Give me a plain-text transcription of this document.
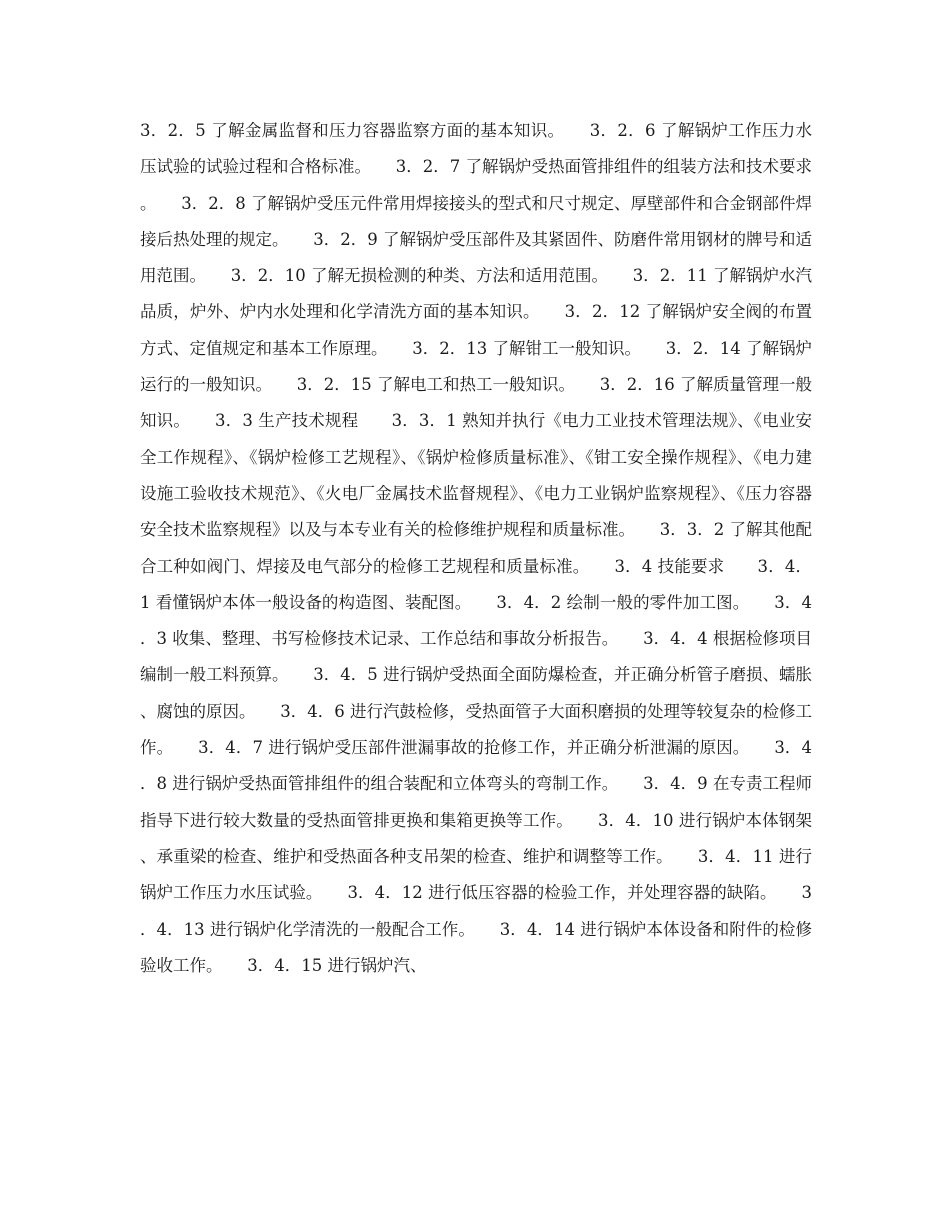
3．2．5 了解金属监督和压力容器监察方面的基本知识。　　3．2．6 了解锅炉工作压力水压试验的试验过程和合格标准。　　3．2．7 了解锅炉受热面管排组件的组装方法和技术要求。　　3．2．8 了解锅炉受压元件常用焊接接头的型式和尺寸规定、厚壁部件和合金钢部件焊接后热处理的规定。　　3．2．9 了解锅炉受压部件及其紧固件、防磨件常用钢材的牌号和适用范围。　　3．2．10 了解无损检测的种类、方法和适用范围。　　3．2．11 了解锅炉水汽品质，炉外、炉内水处理和化学清洗方面的基本知识。　　3．2．12 了解锅炉安全阀的布置方式、定值规定和基本工作原理。　　3．2．13 了解钳工一般知识。　　3．2．14 了解锅炉运行的一般知识。　　3．2．15 了解电工和热工一般知识。　　3．2．16 了解质量管理一般知识。　　3．3 生产技术规程　　3．3．1 熟知并执行《电力工业技术管理法规》、《电业安全工作规程》、《锅炉检修工艺规程》、《锅炉检修质量标准》、《钳工安全操作规程》、《电力建设施工验收技术规范》、《火电厂金属技术监督规程》、《电力工业锅炉监察规程》、《压力容器安全技术监察规程》以及与本专业有关的检修维护规程和质量标准。　　3．3．2 了解其他配合工种如阀门、焊接及电气部分的检修工艺规程和质量标准。　　3．4 技能要求　　3．4．1 看懂锅炉本体一般设备的构造图、装配图。　　3．4．2 绘制一般的零件加工图。　　3．4．3 收集、整理、书写检修技术记录、工作总结和事故分析报告。　　3．4．4 根据检修项目编制一般工料预算。　　3．4．5 进行锅炉受热面全面防爆检查，并正确分析管子磨损、蠕胀、腐蚀的原因。　　3．4．6 进行汽鼓检修，受热面管子大面积磨损的处理等较复杂的检修工作。　　3．4．7 进行锅炉受压部件泄漏事故的抢修工作，并正确分析泄漏的原因。　　3．4．8 进行锅炉受热面管排组件的组合装配和立体弯头的弯制工作。　　3．4．9 在专责工程师指导下进行较大数量的受热面管排更换和集箱更换等工作。　　3．4．10 进行锅炉本体钢架、承重梁的检查、维护和受热面各种支吊架的检查、维护和调整等工作。　　3．4．11 进行锅炉工作压力水压试验。　　3．4．12 进行低压容器的检验工作，并处理容器的缺陷。　　3．4．13 进行锅炉化学清洗的一般配合工作。　　3．4．14 进行锅炉本体设备和附件的检修验收工作。　　3．4．15 进行锅炉汽、
